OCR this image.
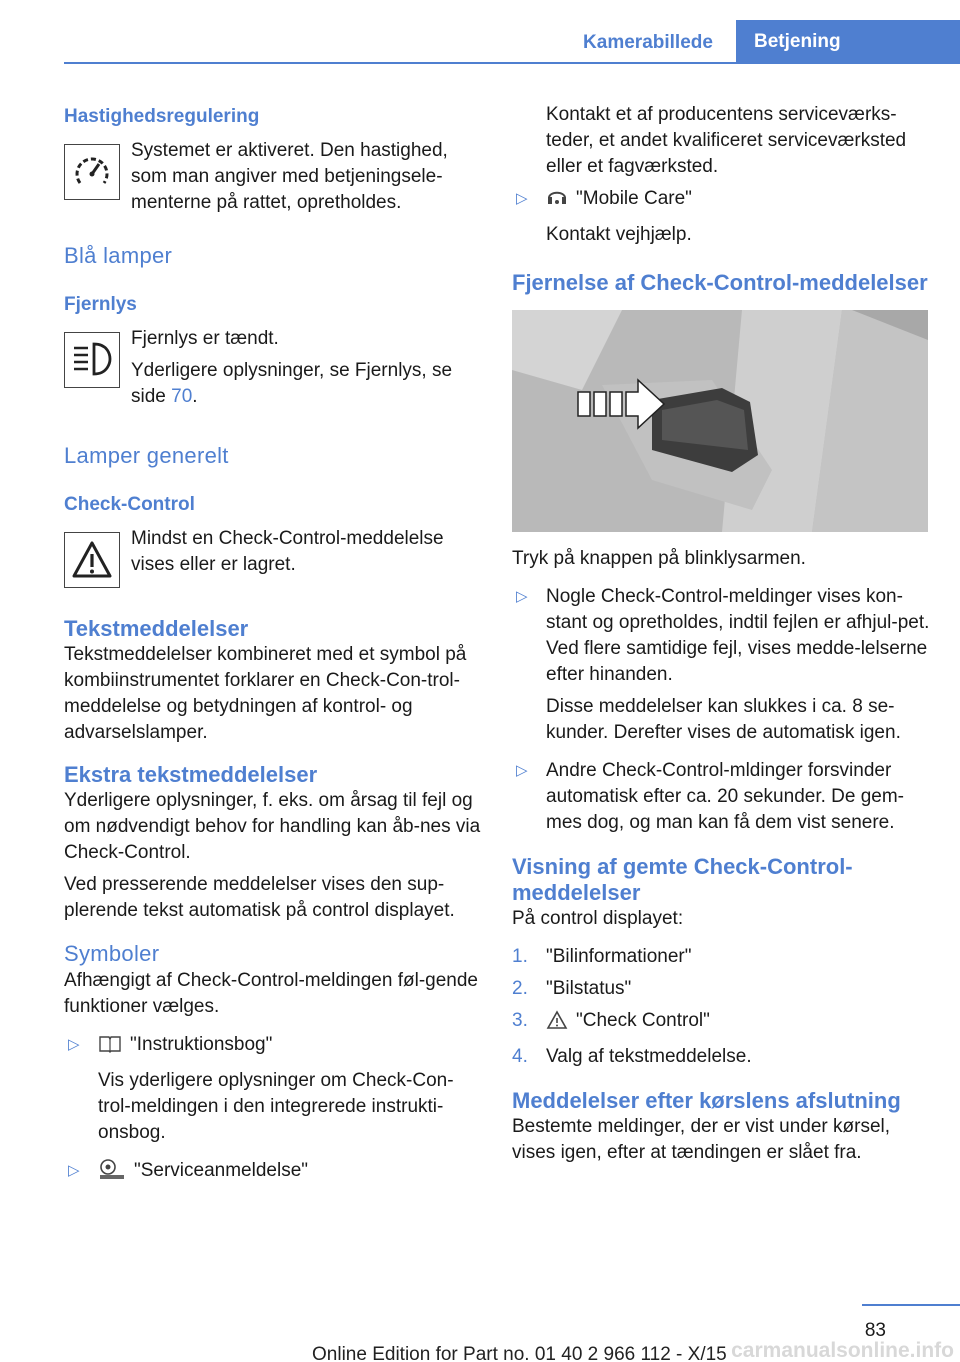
Kamerabillede	Betjening
Hastighedsregulering
Systemet er aktiveret. Den hastighed, som man angiver med betjeningsele-menterne på rattet, opretholdes.
Blå lamper
Fjernlys

Fjernlys er tændt.

Yderligere oplysninger, se Fjernlys, se side 70.

Lamper generelt
Check-Control
Mindst en Check-Control-meddelelse vises eller er lagret.
Tekstmeddelelser

Tekstmeddelelser kombineret med et symbol på kombiinstrumentet forklarer en Check-Con-trol-meddelelse og betydningen af kontrol- og advarselslamper.

Ekstra tekstmeddelelser

Yderligere oplysninger, f. eks. om årsag til fejl og om nødvendigt behov for handling kan åb-nes via Check-Control.

Ved presserende meddelelser vises den sup-plerende tekst automatisk på control displayet.

Symboler

Afhængigt af Check-Control-meldingen føl-gende funktioner vælges.

▷	"Instruktionsbog"

Vis yderligere oplysninger om Check-Con-trol-meldingen i den integrerede instrukti-onsbog.

▷	"Serviceanmeldelse"

Kontakt et af producentens serviceværks-teder, et andet kvalificeret serviceværksted eller et fagværksted.

▷	"Mobile Care"

Kontakt vejhjælp.

Fjernelse af Check-Control-meddelelser

Tryk på knappen på blinklysarmen.

▷ Nogle Check-Control-meldinger vises kon-stant og opretholdes, indtil fejlen er afhjul-pet. Ved flere samtidige fejl, vises medde-lelserne efter hinanden.

Disse meddelelser kan slukkes i ca. 8 se-kunder. Derefter vises de automatisk igen.

▷ Andre Check-Control-mldinger forsvinder automatisk efter ca. 20 sekunder. De gem-mes dog, og man kan få dem vist senere.
Visning af gemte Check-Control-meddelelser

På control displayet:

1. "Bilinformationer"
2. "Bilstatus"
3.	"Check Control"
4. Valg af tekstmeddelelse.
Meddelelser efter kørslens afslutning

Bestemte meldinger, der er vist under kørsel, vises igen, efter at tændingen er slået fra.

83
Online Edition for Part no. 01 40 2 966 112 - X/15 carmanualsonline.info
